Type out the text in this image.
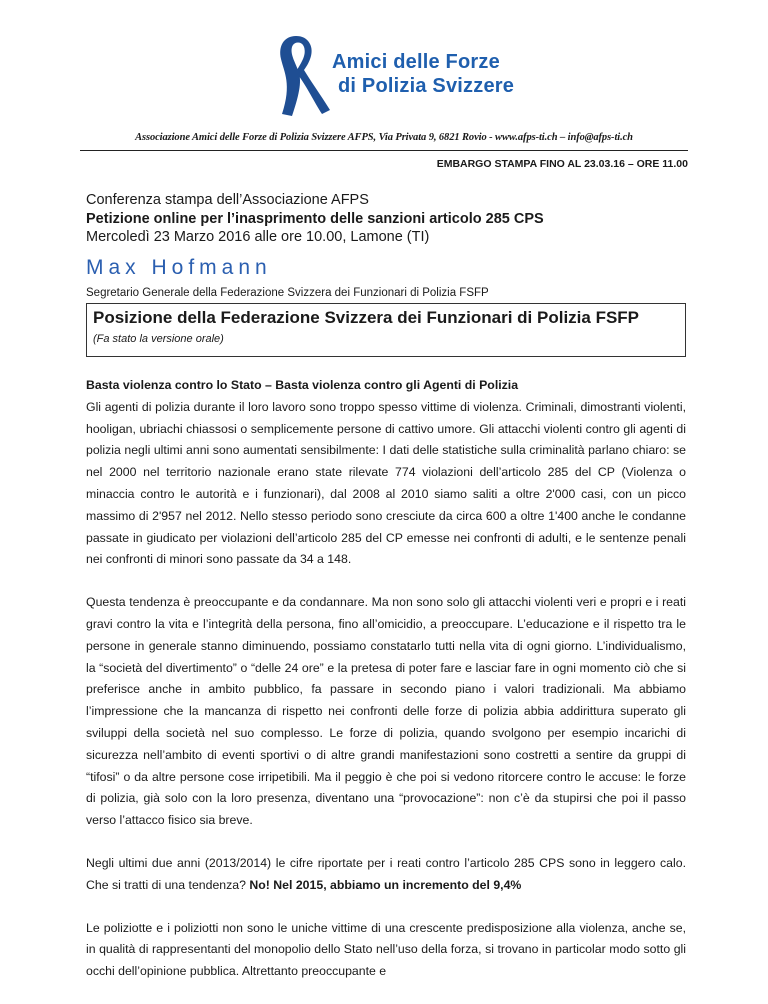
Amici delle Forze
di Polizia Svizzere
Associazione Amici delle Forze di Polizia Svizzere AFPS, Via Privata 9, 6821 Rovio - www.afps-ti.ch – info@afps-ti.ch
EMBARGO STAMPA FINO AL 23.03.16 – ORE 11.00
Conferenza stampa dell’Associazione AFPS
Petizione online per l’inasprimento delle sanzioni articolo 285 CPS
Mercoledì 23 Marzo 2016 alle ore 10.00, Lamone (TI)
Max Hofmann
Segretario Generale della Federazione Svizzera dei Funzionari di Polizia FSFP
Posizione della Federazione Svizzera dei Funzionari di Polizia FSFP
(Fa stato la versione orale)
Basta violenza contro lo Stato – Basta violenza contro gli Agenti di Polizia

Gli agenti di polizia durante il loro lavoro sono troppo spesso vittime di violenza. Criminali, dimostranti violenti, hooligan, ubriachi chiassosi o semplicemente persone di cattivo umore. Gli attacchi violenti contro gli agenti di polizia negli ultimi anni sono aumentati sensibilmente: I dati delle statistiche sulla criminalità parlano chiaro: se nel 2000 nel territorio nazionale erano state rilevate 774 violazioni dell’articolo 285 del CP (Violenza o minaccia contro le autorità e i funzionari), dal 2008 al 2010 siamo saliti a oltre 2'000 casi, con un picco massimo di 2'957 nel 2012. Nello stesso periodo sono cresciute da circa 600 a oltre 1'400 anche le condanne passate in giudicato per violazioni dell’articolo 285 del CP emesse nei confronti di adulti, e le sentenze penali nei confronti di minori sono passate da 34 a 148.

Questa tendenza è preoccupante e da condannare. Ma non sono solo gli attacchi violenti veri e propri e i reati gravi contro la vita e l’integrità della persona, fino all’omicidio, a preoccupare. L’educazione e il rispetto tra le persone in generale stanno diminuendo, possiamo constatarlo tutti nella vita di ogni giorno. L’individualismo, la “società del divertimento” o “delle 24 ore” e la pretesa di poter fare e lasciar fare in ogni momento ciò che si preferisce anche in ambito pubblico, fa passare in secondo piano i valori tradizionali. Ma abbiamo l’impressione che la mancanza di rispetto nei confronti delle forze di polizia abbia addirittura superato gli sviluppi della società nel suo complesso. Le forze di polizia, quando svolgono per esempio incarichi di sicurezza nell’ambito di eventi sportivi o di altre grandi manifestazioni sono costretti a sentire da gruppi di “tifosi” o da altre persone cose irripetibili. Ma il peggio è che poi si vedono ritorcere contro le accuse: le forze di polizia, già solo con la loro presenza, diventano una “provocazione”: non c’è da stupirsi che poi il passo verso l’attacco fisico sia breve.

Negli ultimi due anni (2013/2014) le cifre riportate per i reati contro l’articolo 285 CPS sono in leggero calo. Che si tratti di una tendenza? No! Nel 2015, abbiamo un incremento del 9,4%

Le poliziotte e i poliziotti non sono le uniche vittime di una crescente predisposizione alla violenza, anche se, in qualità di rappresentanti del monopolio dello Stato nell’uso della forza, si trovano in particolar modo sotto gli occhi dell’opinione pubblica. Altrettanto preoccupante e
